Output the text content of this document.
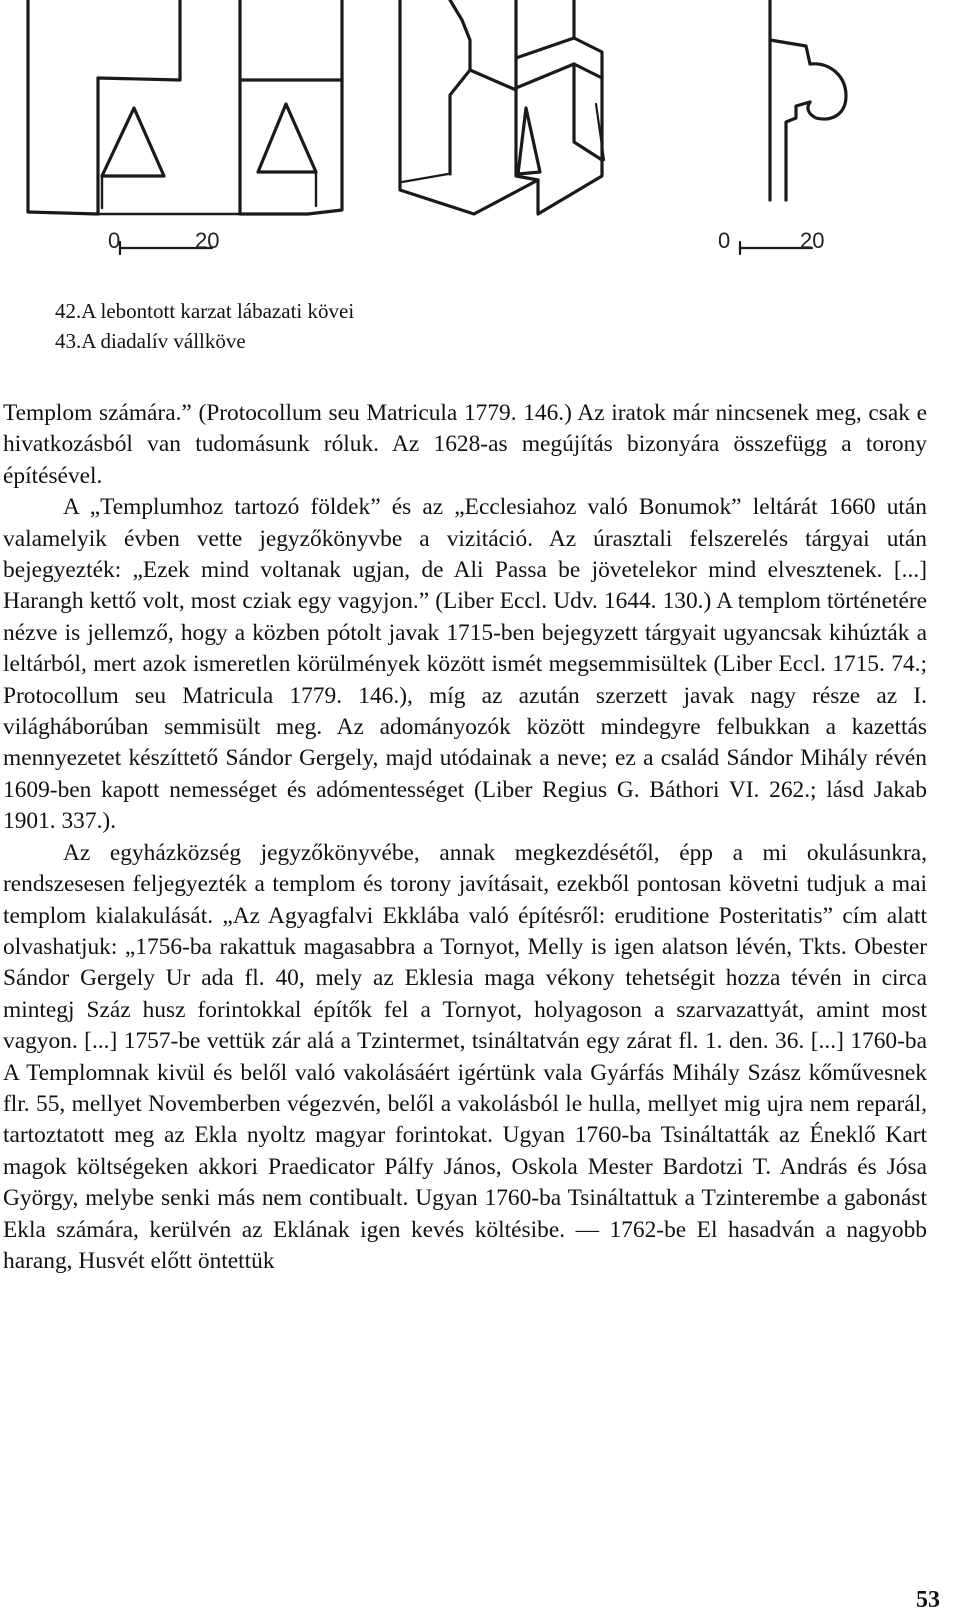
0	20	0	20
42.A lebontott karzat lábazati kövei
43.A diadalív vállköve

Templom számára.” (Protocollum seu Matricula 1779. 146.) Az iratok már nincsenek meg, csak e hivatkozásból van tudomásunk róluk. Az 1628-as megújítás bizonyára összefügg a torony építésével.

A „Templumhoz tartozó földek” és az „Ecclesiahoz való Bonumok” leltárát 1660 után valamelyik évben vette jegyzőkönyvbe a vizitáció. Az úrasztali felszerelés tárgyai után bejegyezték: „Ezek mind voltanak ugjan, de Ali Passa be jövetelekor mind elvesztenek. [...] Harangh kettő volt, most cziak egy vagyjon.” (Liber Eccl. Udv. 1644. 130.) A templom történetére nézve is jellemző, hogy a közben pótolt javak 1715-ben bejegyzett tárgyait ugyancsak kihúzták a leltárból, mert azok ismeretlen körülmények között ismét megsemmisültek (Liber Eccl. 1715. 74.; Protocollum seu Matricula 1779. 146.), míg az azután szerzett javak nagy része az I. világháborúban semmisült meg. Az adományozók között mindegyre felbukkan a kazettás mennyezetet készíttető Sándor Gergely, majd utódainak a neve; ez a család Sándor Mihály révén 1609-ben kapott nemességet és adómentességet (Liber Regius G. Báthori VI. 262.; lásd Jakab 1901. 337.).

Az egyházközség jegyzőkönyvébe, annak megkezdésétől, épp a mi okulásunkra, rendszesesen feljegyezték a templom és torony javításait, ezekből pontosan követni tudjuk a mai templom kialakulását. „Az Agyagfalvi Ekklába való építésről: eruditione Posteritatis” cím alatt olvashatjuk: „1756-ba rakattuk magasabbra a Tornyot, Melly is igen alatson lévén, Tkts. Obester Sándor Gergely Ur ada fl. 40, mely az Eklesia maga vékony tehetségit hozza tévén in circa mintegj Száz husz forintokkal építők fel a Tornyot, holyagoson a szarvazattyát, amint most vagyon. [...] 1757-be vettük zár alá a Tzintermet, tsináltatván egy zárat fl. 1. den. 36. [...] 1760-ba A Templomnak kivül és belől való vakolásáért igértünk vala Gyárfás Mihály Szász kőművesnek flr. 55, mellyet Novemberben végezvén, belől a vakolásból le hulla, mellyet mig ujra nem reparál, tartoztatott meg az Ekla nyoltz magyar forintokat. Ugyan 1760-ba Tsináltatták az Éneklő Kart magok költségeken akkori Praedicator Pálfy János, Oskola Mester Bardotzi T. András és Jósa György, melybe senki más nem contibualt. Ugyan 1760-ba Tsináltattuk a Tzinterembe a gabonást Ekla számára, kerülvén az Eklának igen kevés költésibe. — 1762-be El hasadván a nagyobb harang, Husvét előtt öntettük

53
